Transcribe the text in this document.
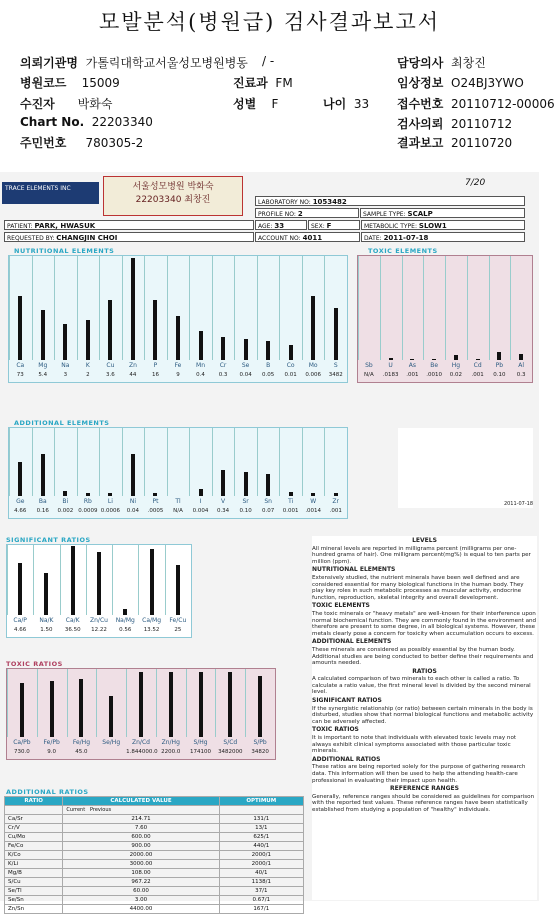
모발분석(병원급) 검사결과보고서
의뢰기관명 가톨릭대학교서울성모병원병동 / -	담당의사 최창진
병원코드 15009	진료과 FM	임상정보 O24BJ3YWO
수진자 박화숙	성별 F	나이 33 접수번호 20110712-00006
Chart No. 22203340	검사의뢰 20110712
주민번호 780305-2	결과보고 20110720
TRACE ELEMENTS INC	서울성모병원 박화숙 22203340 최창진
7/20
LABORATORY NO: 1053482
PROFILE NO: 2	SAMPLE TYPE: SCALP
PATIENT: PARK, HWASUK	AGE: 33	SEX: F	METABOLIC TYPE: SLOW1
REQUESTED BY: CHANGJIN CHOI	ACCOUNT NO: 4011	DATE: 2011-07-18
NUTRITIONAL ELEMENTS
Ca
73
Mg
5.4
Na
3
K
2
Cu
3.6
Zn
44
P
16
Fe
9
Mn
0.4
Cr
0.3
Se
0.04
B
0.05
Co
0.01
Mo
0.006
S
3482
TOXIC ELEMENTS
Sb
N/A
U
.0183
As
.001
Be
.0010
Hg
0.02
Cd
.001
Pb
0.10
Al
0.3
ADDITIONAL ELEMENTS
Ge
4.66
Ba
0.16
Bi
0.002
Rb
0.0009
Li
0.0006
Ni
0.04
Pt
.0005
Tl
N/A
I
0.004
V
0.34
Sr
0.10
Sn
0.07
Ti
0.001
W
.0014
Zr
.001
2011-07-18
SIGNIFICANT RATIOS
Ca/P
4.66
Na/K
1.50
Ca/K
36.50
Zn/Cu
12.22
Na/Mg
0.56
Ca/Mg
13.52
Fe/Cu
25
TOXIC RATIOS
Ca/Pb
730.0
Fe/Pb
9.0
Fe/Hg
45.0
Se/Hg	Zn/Cd
1.844000.0
Zn/Hg
2200.0
S/Hg
174100
S/Cd
3482000
S/Pb
34820
ADDITIONAL RATIOS
RATIO	CALCULATED VALUE	OPTIMUM
	Current Previous	
Ca/Sr	214.71	131/1
Cr/V	7.60	13/1
Cu/Mo	600.00	625/1
Fe/Co	900.00	440/1
K/Co	2000.00	2000/1
K/Li	3000.00	2000/1
Mg/B	108.00	40/1
S/Cu	967.22	1138/1
Se/Tl	60.00	37/1
Se/Sn	3.00	0.67/1
Zn/Sn	4400.00	167/1
LEVELS

All mineral levels are reported in milligrams percent (milligrams per one-hundred grams of hair). One milligram percent(mg%) is equal to ten parts per million (ppm).

NUTRITIONAL ELEMENTS

Extensively studied, the nutrient minerals have been well defined and are considered essential for many biological functions in the human body. They play key roles in such metabolic processes as muscular activity, endocrine function, reproduction, skeletal integrity and overall development.

TOXIC ELEMENTS

The toxic minerals or "heavy metals" are well-known for their interference upon normal biochemical function. They are commonly found in the environment and therefore are present to some degree, in all biological systems. However, these metals clearly pose a concern for toxicity when accumulation occurs to excess.

ADDITIONAL ELEMENTS

These minerals are considered as possibly essential by the human body. Additional studies are being conducted to better define their requirements and amounts needed.

RATIOS

A calculated comparison of two minerals to each other is called a ratio. To calculate a ratio value, the first mineral level is divided by the second mineral level.

SIGNIFICANT RATIOS

If the synergistic relationship (or ratio) between certain minerals in the body is disturbed, studies show that normal biological functions and metabolic activity can be adversely affected.

TOXIC RATIOS

It is important to note that individuals with elevated toxic levels may not always exhibit clinical symptoms associated with those particular toxic minerals.

ADDITIONAL RATIOS

These ratios are being reported solely for the purpose of gathering research data. This information will then be used to help the attending health-care professional in evaluating their impact upon health.

REFERENCE RANGES

Generally, reference ranges should be considered as guidelines for comparison with the reported test values. These reference ranges have been statistically established from studying a population of "healthy" individuals.
